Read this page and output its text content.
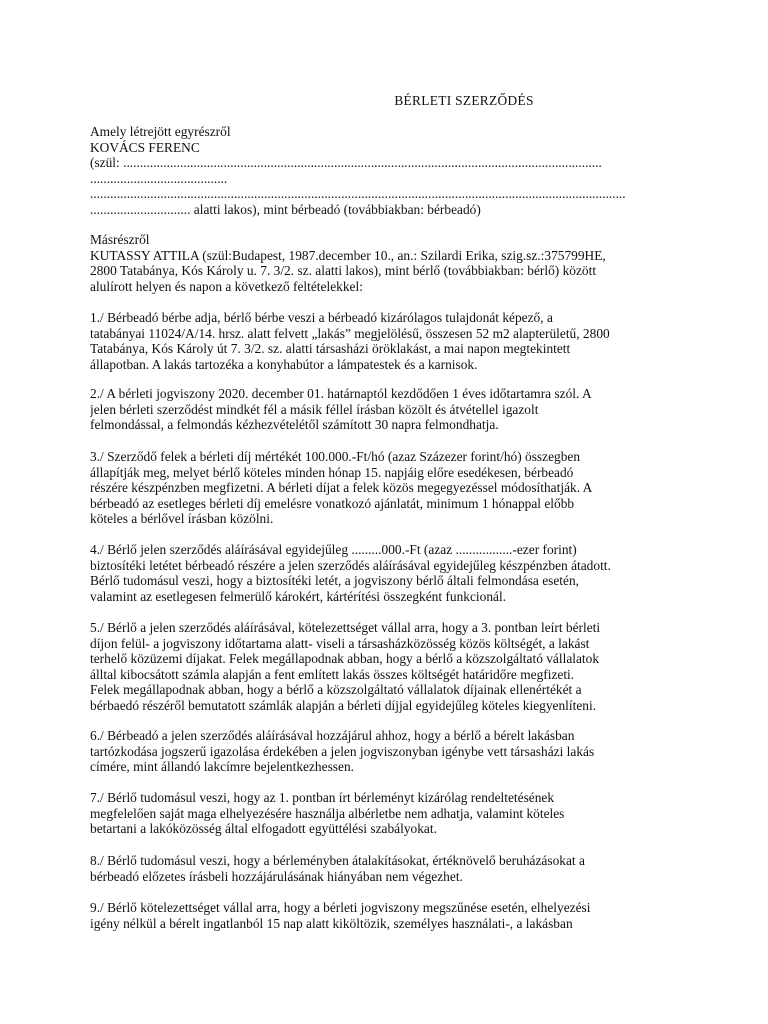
BÉRLETI SZERZŐDÉS
Amely létrejött egyrészről
KOVÁCS FERENC
(szül: ...............................................................................................................................................
.........................................
................................................................................................................................................................
.............................. alatti lakos), mint bérbeadó (továbbiakban: bérbeadó)
Másrészről
KUTASSY ATTILA (szül:Budapest, 1987.december 10., an.: Szilardi Erika, szig.sz.:375799HE,
2800 Tatabánya, Kós Károly u. 7. 3/2. sz. alatti lakos), mint bérlő (továbbiakban: bérlő) között
alulírott helyen és napon a következő feltételekkel:
1./ Bérbeadó bérbe adja, bérlő bérbe veszi a bérbeadó kizárólagos tulajdonát képező, a
tatabányai 11024/A/14. hrsz. alatt felvett „lakás” megjelölésű, összesen 52 m2 alapterületű, 2800
Tatabánya, Kós Károly út 7. 3/2. sz. alatti társasházi öröklakást, a mai napon megtekintett
állapotban. A lakás tartozéka a konyhabútor a lámpatestek és a karnisok.
2./ A bérleti jogviszony 2020. december 01. határnaptól kezdődően 1 éves időtartamra szól. A
jelen bérleti szerződést mindkét fél a másik féllel írásban közölt és átvétellel igazolt
felmondással, a felmondás kézhezvételétől számított 30 napra felmondhatja.
3./ Szerződő felek a bérleti díj mértékét 100.000.-Ft/hó (azaz Százezer forint/hó) összegben
állapítják meg, melyet bérlő köteles minden hónap 15. napjáig előre esedékesen, bérbeadó
részére készpénzben megfizetni. A bérleti díjat a felek közös megegyezéssel módosíthatják. A
bérbeadó az esetleges bérleti díj emelésre vonatkozó ajánlatát, minimum 1 hónappal előbb
köteles a bérlővel írásban közölni.
4./ Bérlő jelen szerződés aláírásával egyidejűleg .........000.-Ft (azaz .................-ezer forint)
biztosítéki letétet bérbeadó részére a jelen szerződés aláírásával egyidejűleg készpénzben átadott.
Bérlő tudomásul veszi, hogy a biztosítéki letét, a jogviszony bérlő általi felmondása esetén,
valamint az esetlegesen felmerülő károkért, kártérítési összegként funkcionál.
5./ Bérlő a jelen szerződés aláírásával, kötelezettséget vállal arra, hogy a 3. pontban leírt bérleti
díjon felül- a jogviszony időtartama alatt- viseli a társasházközösség közös költségét, a lakást
terhelő közüzemi díjakat. Felek megállapodnak abban, hogy a bérlő a közszolgáltató vállalatok
álltal kibocsátott számla alapján a fent említett lakás összes költségét határidőre megfizeti.
Felek megállapodnak abban, hogy a bérlő a közszolgáltató vállalatok díjainak ellenértékét a
bérbaedó részéről bemutatott számlák alapján a bérleti díjjal egyidejűleg köteles kiegyenlíteni.
6./ Bérbeadó a jelen szerződés aláírásával hozzájárul ahhoz, hogy a bérlő a bérelt lakásban
tartózkodása jogszerű igazolása érdekében a jelen jogviszonyban igénybe vett társasházi lakás
címére, mint állandó lakcímre bejelentkezhessen.
7./ Bérlő tudomásul veszi, hogy az 1. pontban írt bérleményt kizárólag rendeltetésének
megfelelően saját maga elhelyezésére használja albérletbe nem adhatja, valamint köteles
betartani a lakóközösség által elfogadott együttélési szabályokat.
8./ Bérlő tudomásul veszi, hogy a bérleményben átalakításokat, értéknövelő beruházásokat a
bérbeadó előzetes írásbeli hozzájárulásának hiányában nem végezhet.
9./ Bérlő kötelezettséget vállal arra, hogy a bérleti jogviszony megszűnése esetén, elhelyezési
igény nélkül a bérelt ingatlanból 15 nap alatt kiköltözik, személyes használati-, a lakásban
